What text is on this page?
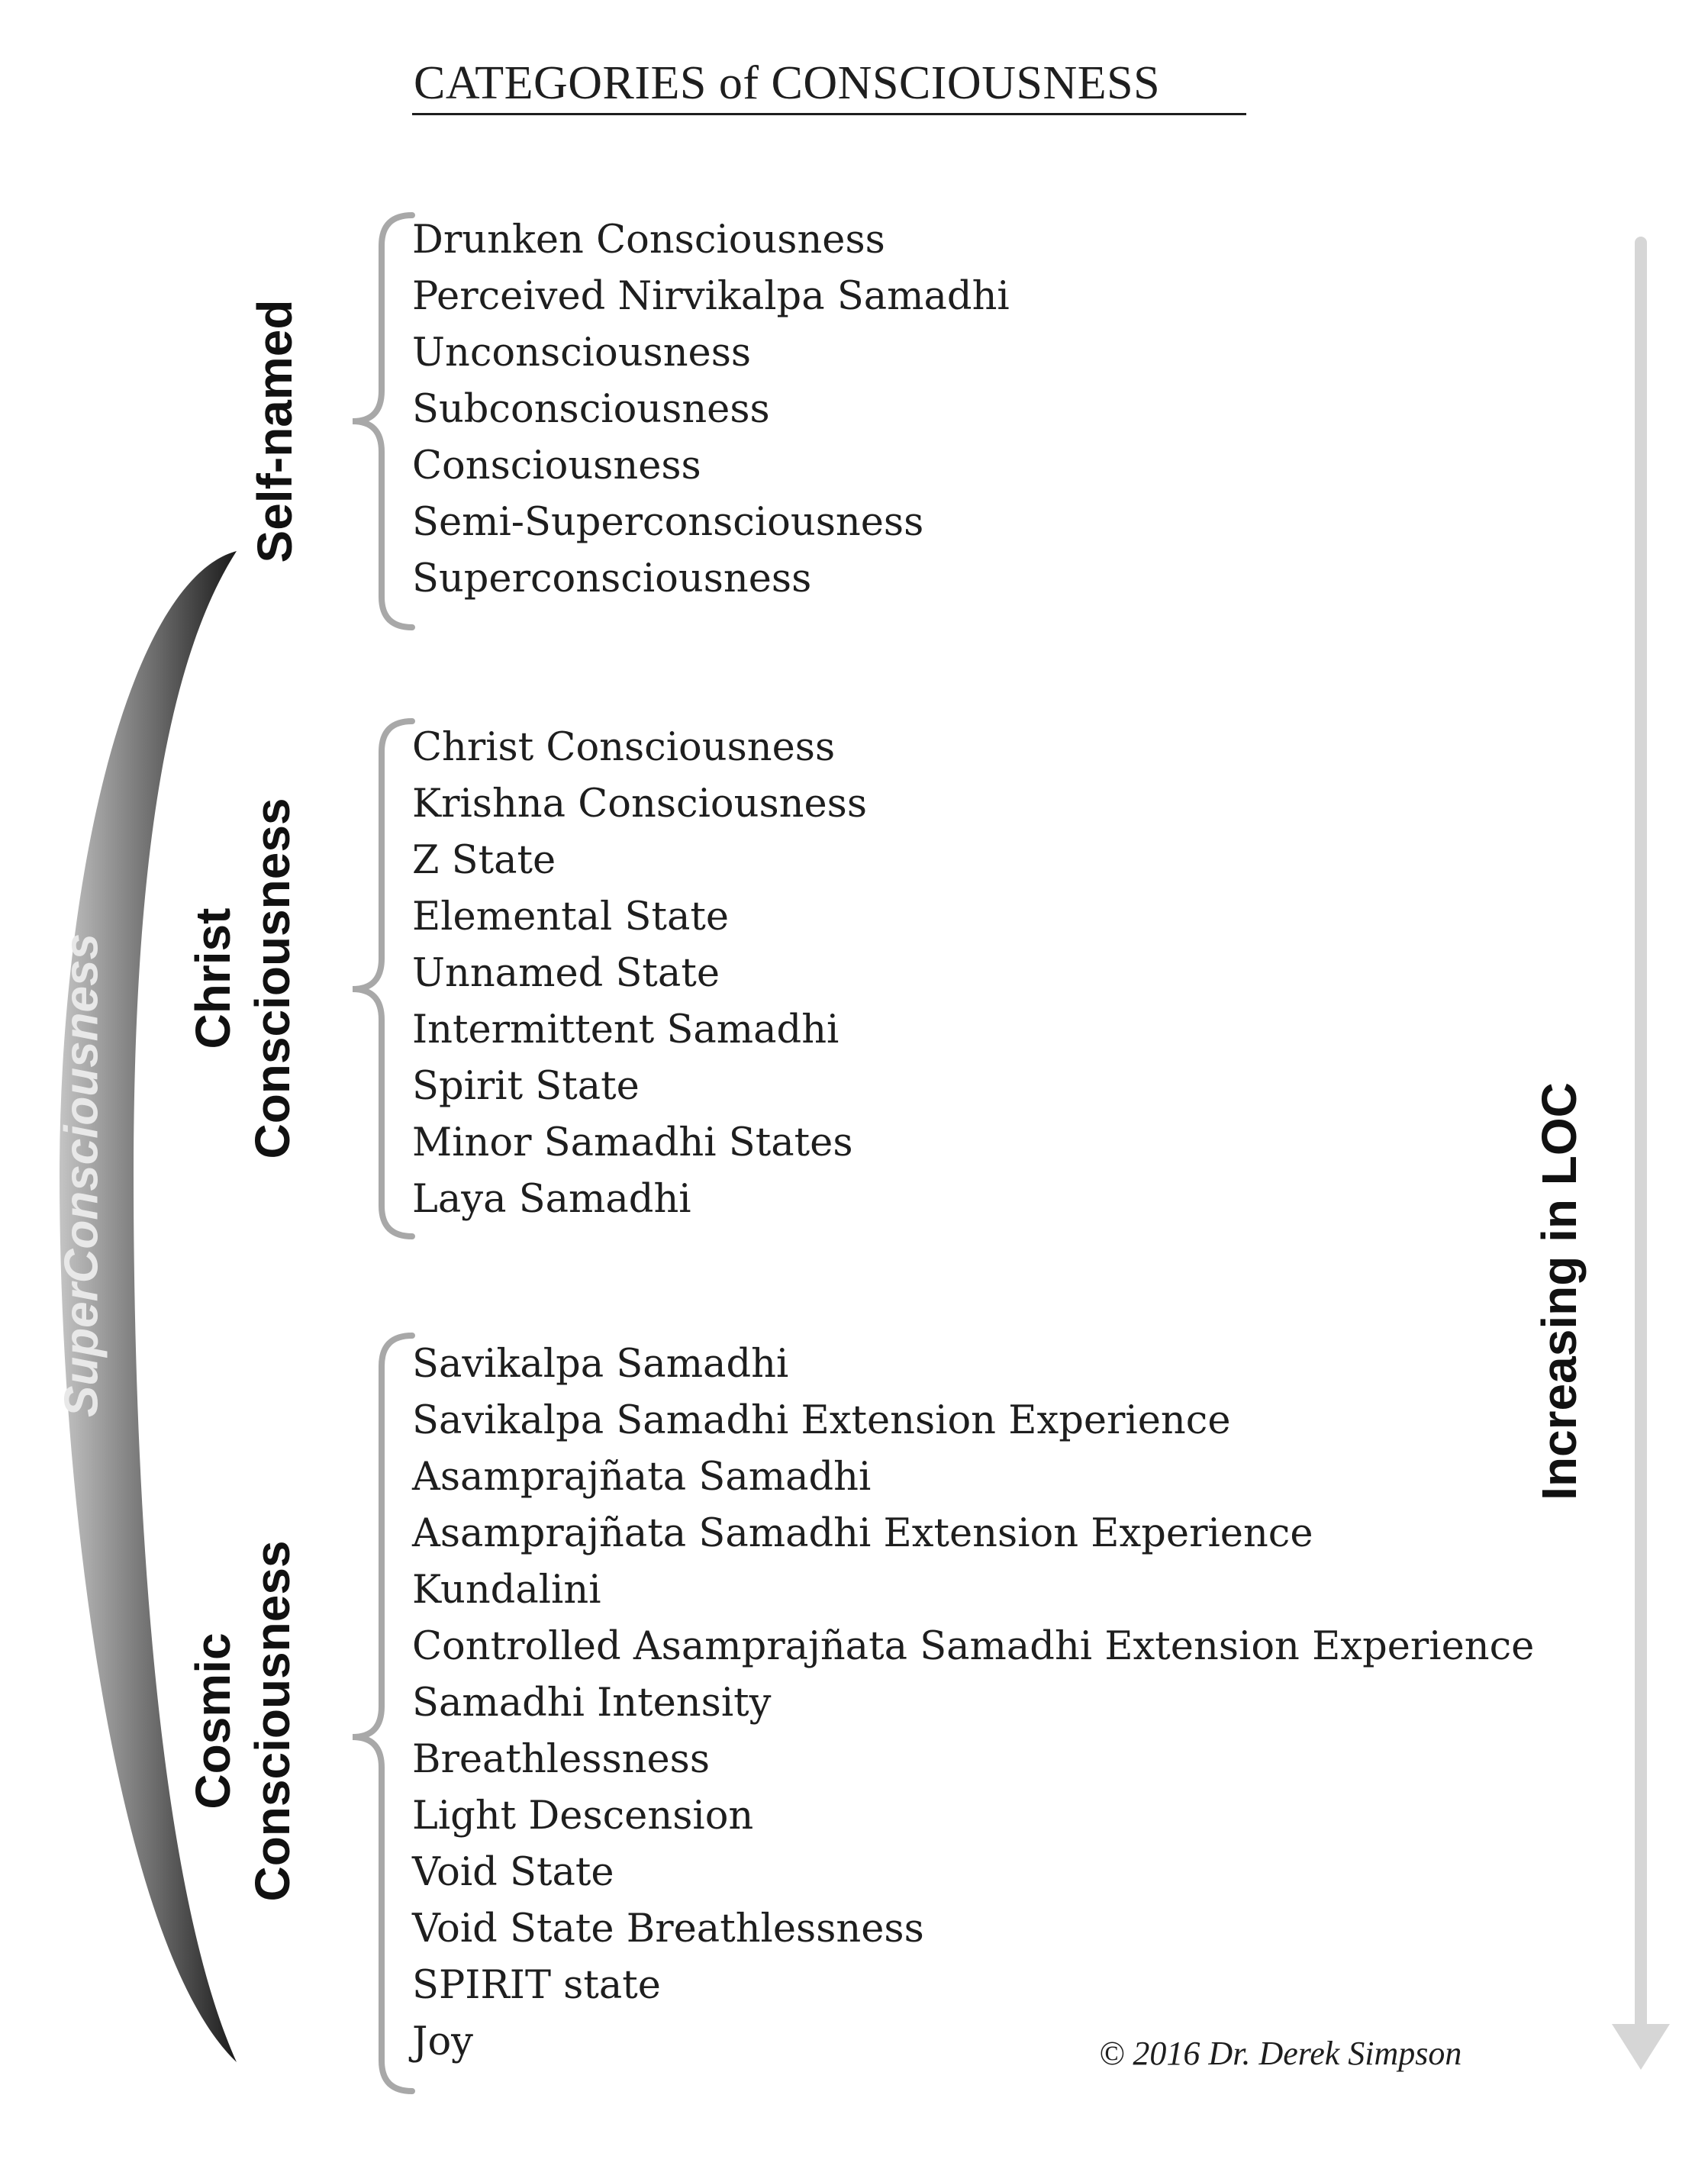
CATEGORIES of CONSCIOUSNESS
SuperConsciousness
Self-named
Christ Consciousness
Cosmic Consciousness
Drunken Consciousness
Perceived Nirvikalpa Samadhi
Unconsciousness
Subconsciousness
Consciousness
Semi-Superconsciousness
Superconsciousness
Christ Consciousness
Krishna Consciousness
Z State
Elemental State
Unnamed State
Intermittent Samadhi
Spirit State
Minor Samadhi States
Laya Samadhi
Savikalpa Samadhi
Savikalpa Samadhi Extension Experience
Asamprajñata Samadhi
Asamprajñata Samadhi Extension Experience
Kundalini
Controlled Asamprajñata Samadhi Extension Experience
Samadhi Intensity
Breathlessness
Light Descension
Void State
Void State Breathlessness
SPIRIT state
Joy
Increasing in LOC
© 2016 Dr. Derek Simpson
